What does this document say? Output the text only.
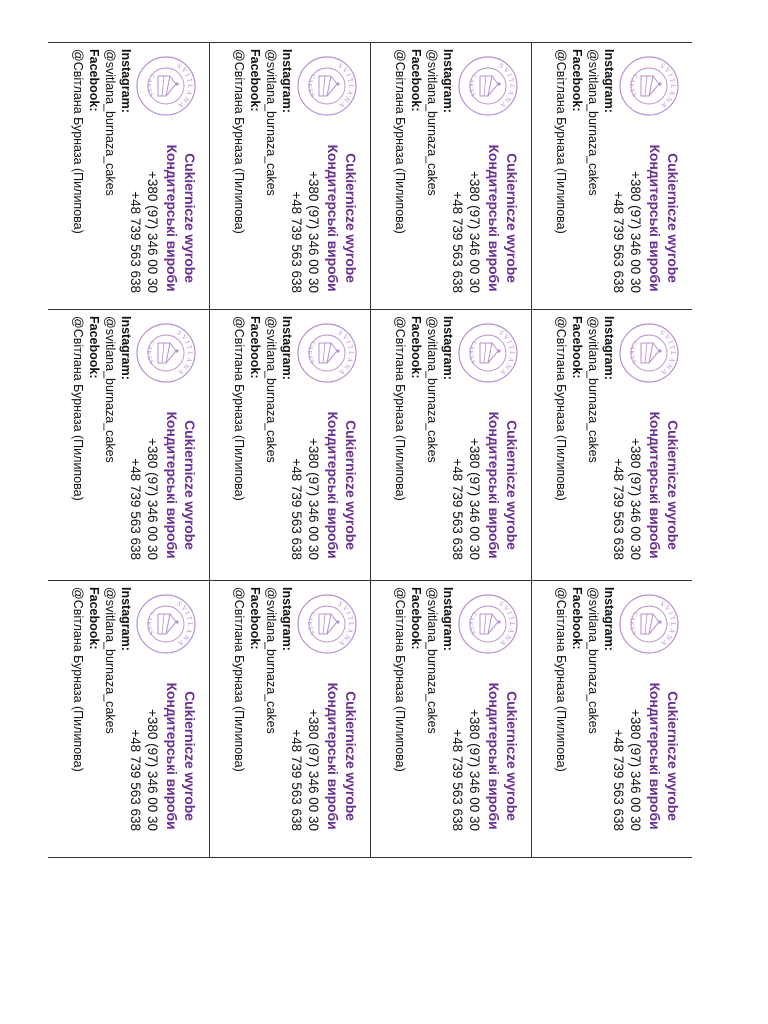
SVITLANA
CAKES
Cukiernicze wyrobe
Кондитерські вироби
+380 (97) 346 00 30
+48 739 563 638
Instagram:
@svitlana_burnaza_cakes
Facebook:
@Світлана Бурназа (Пилипова)
SVITLANA
CAKES
Cukiernicze wyrobe
Кондитерські вироби
+380 (97) 346 00 30
+48 739 563 638
Instagram:
@svitlana_burnaza_cakes
Facebook:
@Світлана Бурназа (Пилипова)
SVITLANA
CAKES
Cukiernicze wyrobe
Кондитерські вироби
+380 (97) 346 00 30
+48 739 563 638
Instagram:
@svitlana_burnaza_cakes
Facebook:
@Світлана Бурназа (Пилипова)
SVITLANA
CAKES
Cukiernicze wyrobe
Кондитерські вироби
+380 (97) 346 00 30
+48 739 563 638
Instagram:
@svitlana_burnaza_cakes
Facebook:
@Світлана Бурназа (Пилипова)
SVITLANA
CAKES
Cukiernicze wyrobe
Кондитерські вироби
+380 (97) 346 00 30
+48 739 563 638
Instagram:
@svitlana_burnaza_cakes
Facebook:
@Світлана Бурназа (Пилипова)
SVITLANA
CAKES
Cukiernicze wyrobe
Кондитерські вироби
+380 (97) 346 00 30
+48 739 563 638
Instagram:
@svitlana_burnaza_cakes
Facebook:
@Світлана Бурназа (Пилипова)
SVITLANA
CAKES
Cukiernicze wyrobe
Кондитерські вироби
+380 (97) 346 00 30
+48 739 563 638
Instagram:
@svitlana_burnaza_cakes
Facebook:
@Світлана Бурназа (Пилипова)
SVITLANA
CAKES
Cukiernicze wyrobe
Кондитерські вироби
+380 (97) 346 00 30
+48 739 563 638
Instagram:
@svitlana_burnaza_cakes
Facebook:
@Світлана Бурназа (Пилипова)
SVITLANA
CAKES
Cukiernicze wyrobe
Кондитерські вироби
+380 (97) 346 00 30
+48 739 563 638
Instagram:
@svitlana_burnaza_cakes
Facebook:
@Світлана Бурназа (Пилипова)
SVITLANA
CAKES
Cukiernicze wyrobe
Кондитерські вироби
+380 (97) 346 00 30
+48 739 563 638
Instagram:
@svitlana_burnaza_cakes
Facebook:
@Світлана Бурназа (Пилипова)
SVITLANA
CAKES
Cukiernicze wyrobe
Кондитерські вироби
+380 (97) 346 00 30
+48 739 563 638
Instagram:
@svitlana_burnaza_cakes
Facebook:
@Світлана Бурназа (Пилипова)
SVITLANA
CAKES
Cukiernicze wyrobe
Кондитерські вироби
+380 (97) 346 00 30
+48 739 563 638
Instagram:
@svitlana_burnaza_cakes
Facebook:
@Світлана Бурназа (Пилипова)
